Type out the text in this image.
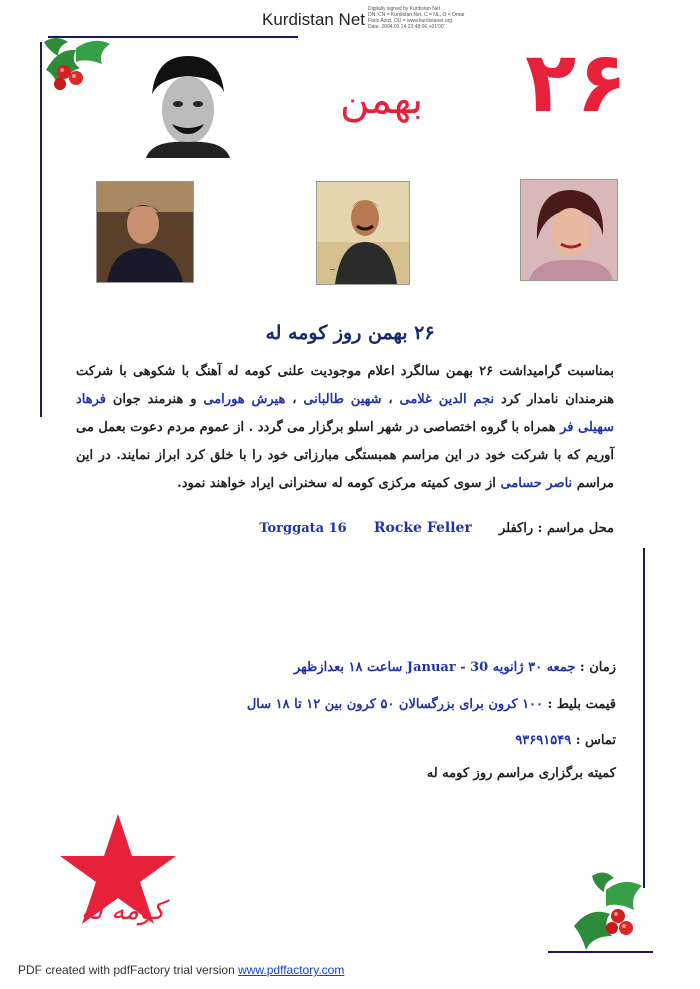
Kurdistan Net
Digitally signed by Kurdistan Net
DN: CN = Kurdistan Net, C = NL, O = Omar
Fario Azizi, OU = www.kurdistanet.org
Date: 2004.01.14 23:48:06 +01'00'
بهمن ۲۶
~
۲۶ بهمن روز کومه له
بمناسبت گرامیداشت ۲۶ بهمن سالگرد اعلام موجودیت علنی کومه له آهنگ با شکوهی با شرکت هنرمندان نامدار کرد نجم الدین غلامی ، شهین طالبانی ، هیرش هورامی و هنرمند جوان فرهاد سهیلی فر همراه با گروه اختصاصی در شهر اسلو برگزار می گردد . از عموم مردم دعوت بعمل می آوریم که با شرکت خود در این مراسم همبستگی مبارزاتی خود را با خلق کرد ابراز نمایند. در این مراسم ناصر حسامی از سوی کمیته مرکزی کومه له سخنرانی ایراد خواهند نمود.
محل مراسم : راکفلر      Torggata 16 Rocke Feller
زمان : جمعه ۳۰ ژانویه 30 - Januar ساعت ۱۸ بعدازظهر
قیمت بلیط : ۱۰۰ کرون برای بزرگسالان ۵۰ کرون بین ۱۲ تا ۱۸ سال
تماس : ۹۳۶۹۱۵۴۹
کمیته برگزاری مراسم روز کومه له
کومه له
PDF created with pdfFactory trial version www.pdffactory.com
